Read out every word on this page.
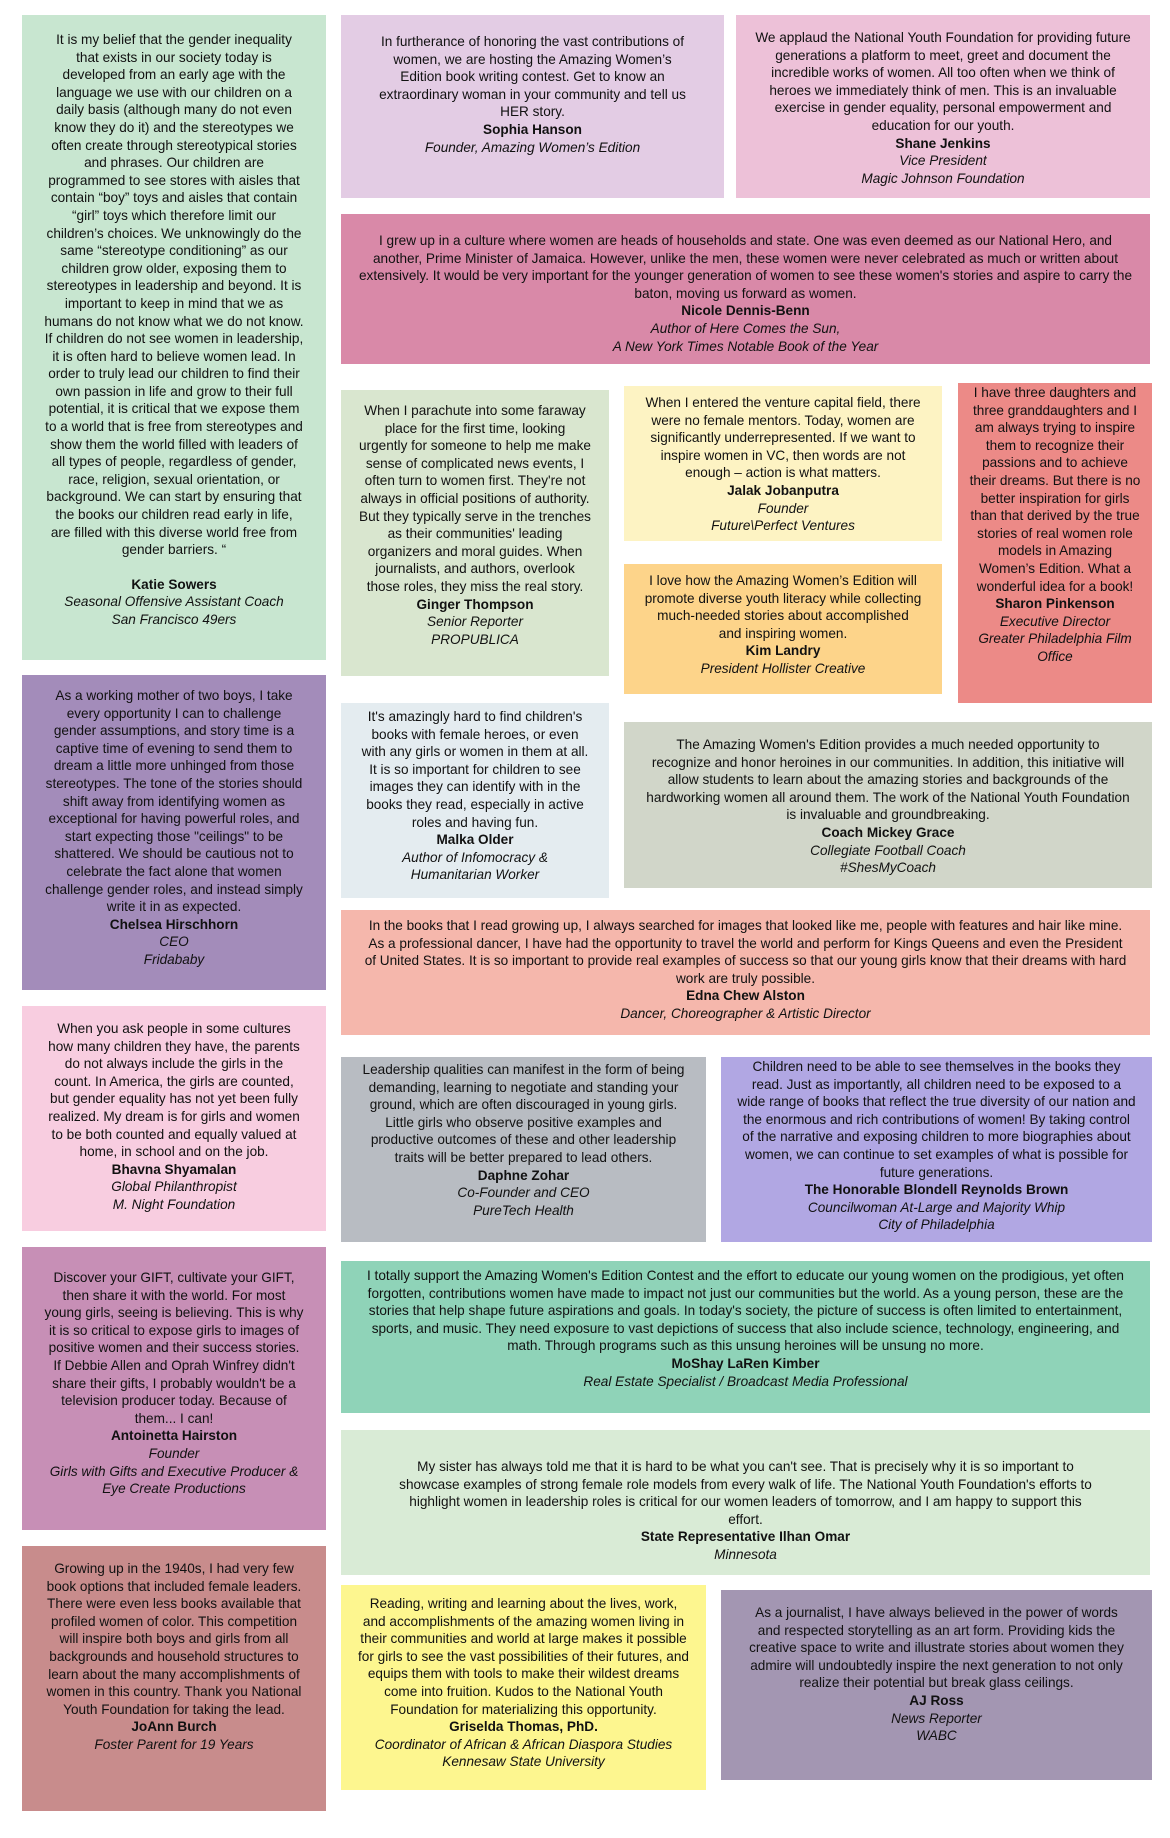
It is my belief that the gender inequality that exists in our society today is developed from an early age with the language we use with our children on a daily basis (although many do not even know they do it) and the stereotypes we often create through stereotypical stories and phrases. Our children are programmed to see stores with aisles that contain “boy” toys and aisles that contain “girl” toys which therefore limit our children’s choices. We unknowingly do the same “stereotype conditioning” as our children grow older, exposing them to stereotypes in leadership and beyond. It is important to keep in mind that we as humans do not know what we do not know. If children do not see women in leadership, it is often hard to believe women lead. In order to truly lead our children to find their own passion in life and grow to their full potential, it is critical that we expose them to a world that is free from stereotypes and show them the world filled with leaders of all types of people, regardless of gender, race, religion, sexual orientation, or background. We can start by ensuring that the books our children read early in life, are filled with this diverse world free from gender barriers. “

Katie Sowers
Seasonal Offensive Assistant Coach
San Francisco 49ers

As a working mother of two boys, I take every opportunity I can to challenge gender assumptions, and story time is a captive time of evening to send them to dream a little more unhinged from those stereotypes. The tone of the stories should shift away from identifying women as exceptional for having powerful roles, and start expecting those "ceilings" to be shattered. We should be cautious not to celebrate the fact alone that women challenge gender roles, and instead simply write it in as expected.

Chelsea Hirschhorn
CEO
Fridababy

When you ask people in some cultures how many children they have, the parents do not always include the girls in the count. In America, the girls are counted, but gender equality has not yet been fully realized. My dream is for girls and women to be both counted and equally valued at home, in school and on the job.

Bhavna Shyamalan
Global Philanthropist
M. Night Foundation

Discover your GIFT, cultivate your GIFT, then share it with the world. For most young girls, seeing is believing. This is why it is so critical to expose girls to images of positive women and their success stories. If Debbie Allen and Oprah Winfrey didn't share their gifts, I probably wouldn't be a television producer today. Because of them... I can!

Antoinetta Hairston
Founder
Girls with Gifts and Executive Producer &
Eye Create Productions

Growing up in the 1940s, I had very few book options that included female leaders. There were even less books available that profiled women of color. This competition will inspire both boys and girls from all backgrounds and household structures to learn about the many accomplishments of women in this country. Thank you National Youth Foundation for taking the lead.

JoAnn Burch
Foster Parent for 19 Years

In furtherance of honoring the vast contributions of women, we are hosting the Amazing Women’s Edition book writing contest. Get to know an extraordinary woman in your community and tell us HER story.

Sophia Hanson
Founder, Amazing Women’s Edition

We applaud the National Youth Foundation for providing future generations a platform to meet, greet and document the incredible works of women. All too often when we think of heroes we immediately think of men. This is an invaluable exercise in gender equality, personal empowerment and education for our youth.

Shane Jenkins
Vice President
Magic Johnson Foundation

I grew up in a culture where women are heads of households and state. One was even deemed as our National Hero, and another, Prime Minister of Jamaica. However, unlike the men, these women were never celebrated as much or written about extensively. It would be very important for the younger generation of women to see these women's stories and aspire to carry the baton, moving us forward as women.

Nicole Dennis-Benn
Author of Here Comes the Sun,
A New York Times Notable Book of the Year

When I parachute into some faraway place for the first time, looking urgently for someone to help me make sense of complicated news events, I often turn to women first. They're not always in official positions of authority. But they typically serve in the trenches as their communities' leading organizers and moral guides. When journalists, and authors, overlook those roles, they miss the real story.

Ginger Thompson
Senior Reporter
PROPUBLICA

When I entered the venture capital field, there were no female mentors. Today, women are significantly underrepresented. If we want to inspire women in VC, then words are not enough – action is what matters.

Jalak Jobanputra
Founder
Future\Perfect Ventures

I love how the Amazing Women’s Edition will promote diverse youth literacy while collecting much-needed stories about accomplished and inspiring women.

Kim Landry
President Hollister Creative

I have three daughters and three granddaughters and I am always trying to inspire them to recognize their passions and to achieve their dreams. But there is no better inspiration for girls than that derived by the true stories of real women role models in Amazing Women’s Edition. What a wonderful idea for a book!

Sharon Pinkenson
Executive Director
Greater Philadelphia Film Office

It's amazingly hard to find children's books with female heroes, or even with any girls or women in them at all. It is so important for children to see images they can identify with in the books they read, especially in active roles and having fun.

Malka Older
Author of Infomocracy &
Humanitarian Worker

The Amazing Women's Edition provides a much needed opportunity to recognize and honor heroines in our communities. In addition, this initiative will allow students to learn about the amazing stories and backgrounds of the hardworking women all around them. The work of the National Youth Foundation is invaluable and groundbreaking.

Coach Mickey Grace
Collegiate Football Coach
#ShesMyCoach

In the books that I read growing up, I always searched for images that looked like me, people with features and hair like mine. As a professional dancer, I have had the opportunity to travel the world and perform for Kings Queens and even the President of United States. It is so important to provide real examples of success so that our young girls know that their dreams with hard work are truly possible.

Edna Chew Alston
Dancer, Choreographer & Artistic Director

Leadership qualities can manifest in the form of being demanding, learning to negotiate and standing your ground, which are often discouraged in young girls. Little girls who observe positive examples and productive outcomes of these and other leadership traits will be better prepared to lead others.

Daphne Zohar
Co-Founder and CEO
PureTech Health

Children need to be able to see themselves in the books they read. Just as importantly, all children need to be exposed to a wide range of books that reflect the true diversity of our nation and the enormous and rich contributions of women! By taking control of the narrative and exposing children to more biographies about women, we can continue to set examples of what is possible for future generations.

The Honorable Blondell Reynolds Brown
Councilwoman At-Large and Majority Whip
City of Philadelphia

I totally support the Amazing Women's Edition Contest and the effort to educate our young women on the prodigious, yet often forgotten, contributions women have made to impact not just our communities but the world. As a young person, these are the stories that help shape future aspirations and goals. In today's society, the picture of success is often limited to entertainment, sports, and music. They need exposure to vast depictions of success that also include science, technology, engineering, and math. Through programs such as this unsung heroines will be unsung no more.

MoShay LaRen Kimber
Real Estate Specialist / Broadcast Media Professional

My sister has always told me that it is hard to be what you can't see. That is precisely why it is so important to showcase examples of strong female role models from every walk of life. The National Youth Foundation's efforts to highlight women in leadership roles is critical for our women leaders of tomorrow, and I am happy to support this effort.

State Representative Ilhan Omar
Minnesota

Reading, writing and learning about the lives, work, and accomplishments of the amazing women living in their communities and world at large makes it possible for girls to see the vast possibilities of their futures, and equips them with tools to make their wildest dreams come into fruition. Kudos to the National Youth Foundation for materializing this opportunity.

Griselda Thomas, PhD.
Coordinator of African & African Diaspora Studies
Kennesaw State University

As a journalist, I have always believed in the power of words and respected storytelling as an art form. Providing kids the creative space to write and illustrate stories about women they admire will undoubtedly inspire the next generation to not only realize their potential but break glass ceilings.

AJ Ross
News Reporter
WABC
